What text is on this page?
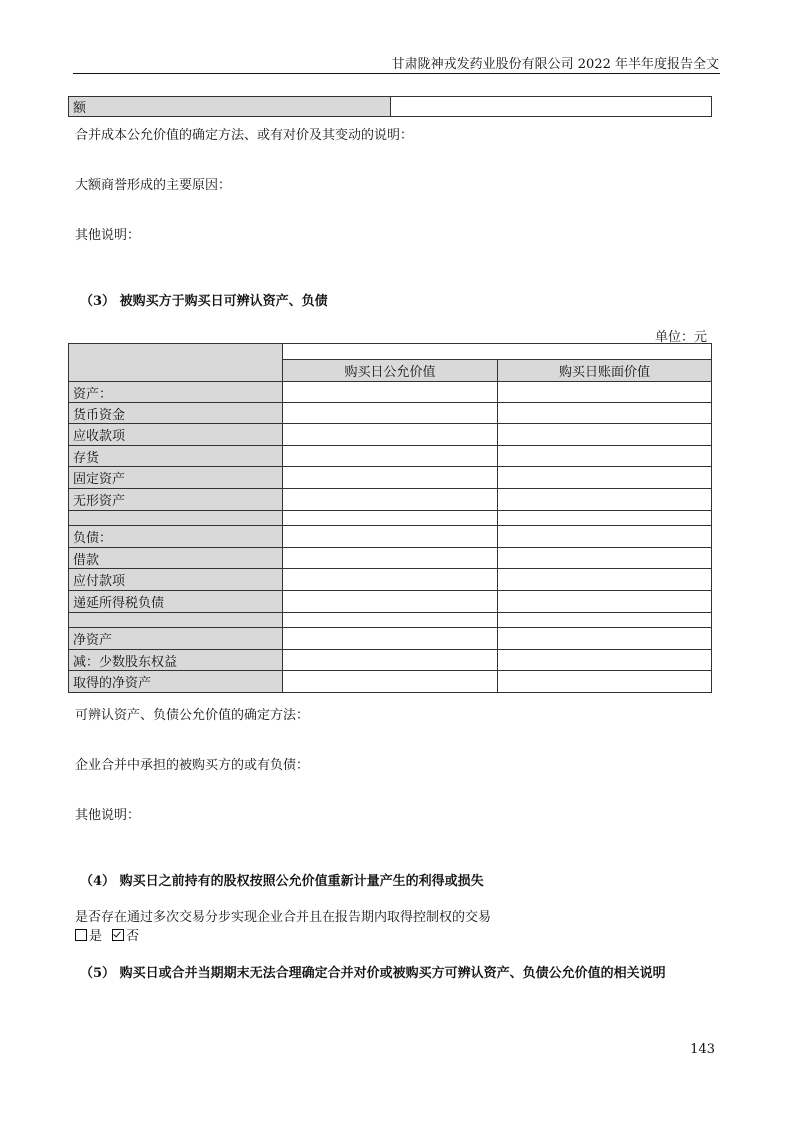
甘肃陇神戎发药业股份有限公司 2022 年半年度报告全文
额	
合并成本公允价值的确定方法、或有对价及其变动的说明：
大额商誉形成的主要原因：
其他说明：
（3） 被购买方于购买日可辨认资产、负债
单位：元

	购买日公允价值	购买日账面价值
资产：		
货币资金		
应收款项		
存货		
固定资产		
无形资产		

负债：		
借款		
应付款项		
递延所得税负债		

净资产		
减：少数股东权益		
取得的净资产		
可辨认资产、负债公允价值的确定方法：
企业合并中承担的被购买方的或有负债：
其他说明：
（4） 购买日之前持有的股权按照公允价值重新计量产生的利得或损失
是否存在通过多次交易分步实现企业合并且在报告期内取得控制权的交易
是 否
（5） 购买日或合并当期期末无法合理确定合并对价或被购买方可辨认资产、负债公允价值的相关说明
143
